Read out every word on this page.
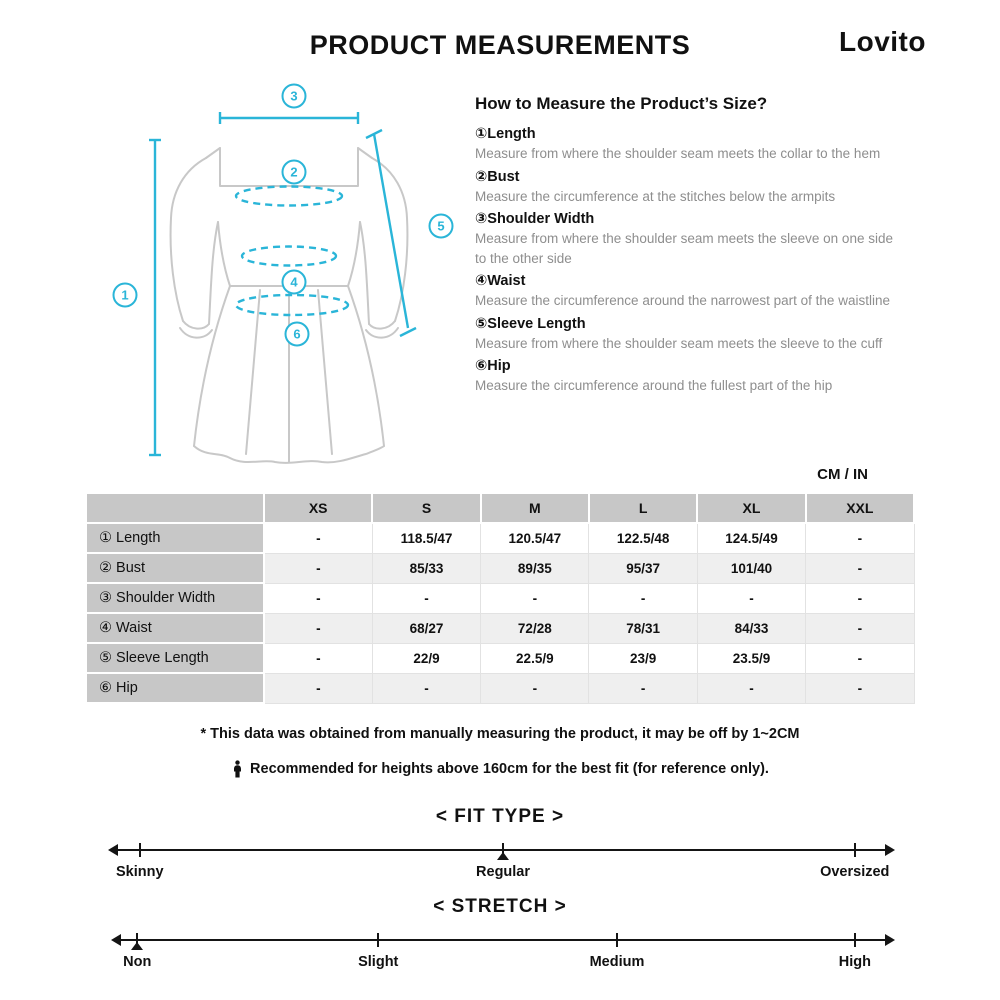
PRODUCT MEASUREMENTS	Lovito
1
2
3
4
5
6
How to Measure the Product’s Size?
①Length
Measure from where the shoulder seam meets the collar to the hem
②Bust
Measure the circumference at the stitches below the armpits
③Shoulder Width
Measure from where the shoulder seam meets the sleeve on one side to the other side
④Waist
Measure the circumference around the narrowest part of the waistline
⑤Sleeve Length
Measure from where the shoulder seam meets the sleeve to the cuff
⑥Hip
Measure the circumference around the fullest part of the hip
CM / IN
	XS	S	M	L	XL	XXL
① Length	-	118.5/47	120.5/47	122.5/48	124.5/49	-
② Bust	-	85/33	89/35	95/37	101/40	-
③ Shoulder Width	-	-	-	-	-	-
④ Waist	-	68/27	72/28	78/31	84/33	-
⑤ Sleeve Length	-	22/9	22.5/9	23/9	23.5/9	-
⑥ Hip	-	-	-	-	-	-
* This data was obtained from manually measuring the product, it may be off by 1~2CM
Recommended for heights above 160cm for the best fit (for reference only).
< FIT TYPE >
Skinny	Regular	Oversized
< STRETCH >
Non	Slight	Medium	High
